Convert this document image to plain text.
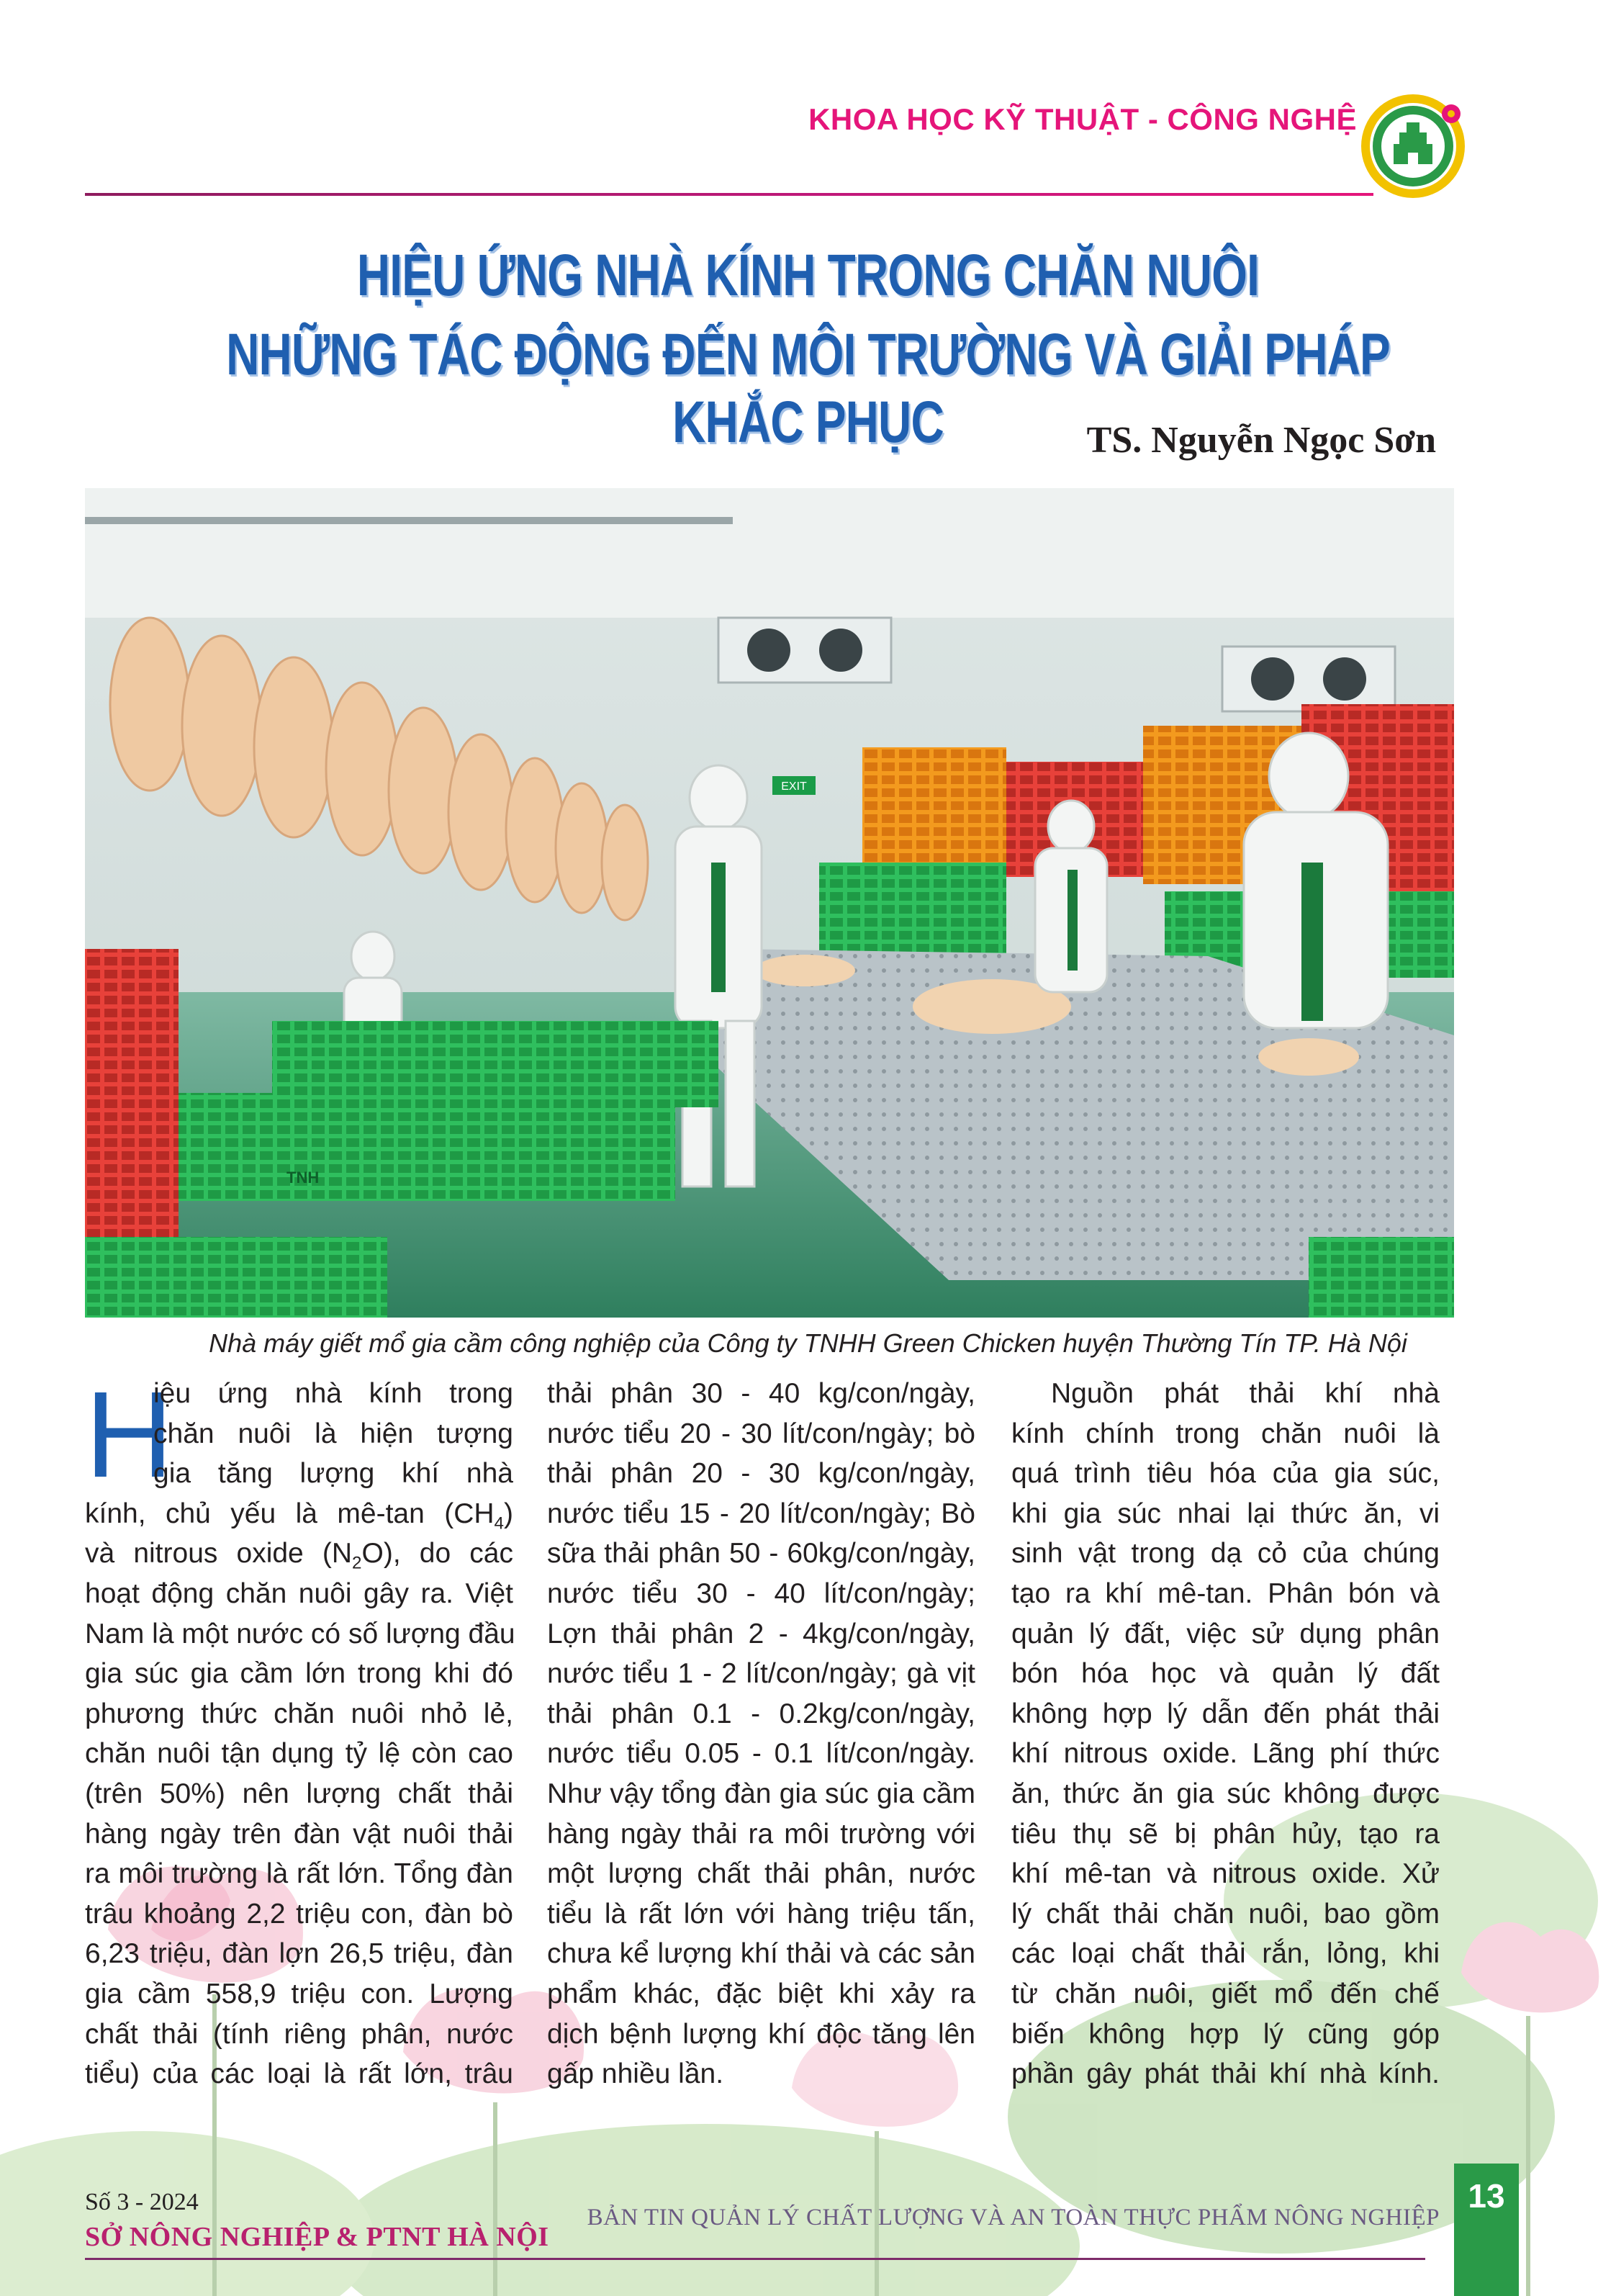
KHOA HỌC KỸ THUẬT - CÔNG NGHỆ
HIỆU ỨNG NHÀ KÍNH TRONG CHĂN NUÔI
NHỮNG TÁC ĐỘNG ĐẾN MÔI TRƯỜNG VÀ GIẢI PHÁP KHẮC PHỤC	TS. Nguyễn Ngọc Sơn
EXIT
TNH
Nhà máy giết mổ gia cầm công nghiệp của Công ty TNHH Green Chicken huyện Thường Tín TP. Hà Nội
H
iệu ứng nhà kính trong
chăn nuôi là hiện tượng
gia tăng lượng khí nhà
kính, chủ yếu là mê-tan $(CH_4)$
và nitrous oxide $(N_2O)$, do các
hoạt động chăn nuôi gây ra. Việt
Nam là một nước có số lượng đầu
gia súc gia cầm lớn trong khi đó
phương thức chăn nuôi nhỏ lẻ,
chăn nuôi tận dụng tỷ lệ còn cao
(trên 50%) nên lượng chất thải
hàng ngày trên đàn vật nuôi thải
ra môi trường là rất lớn. Tổng đàn
trâu khoảng 2,2 triệu con, đàn bò
6,23 triệu, đàn lợn 26,5 triệu, đàn
gia cầm 558,9 triệu con. Lượng
chất thải (tính riêng phân, nước
tiểu) của các loại là rất lớn, trâu
thải phân 30 - 40 kg/con/ngày,
nước tiểu 20 - 30 lít/con/ngày; bò
thải phân 20 - 30 kg/con/ngày,
nước tiểu 15 - 20 lít/con/ngày; Bò
sữa thải phân 50 - 60kg/con/ngày,
nước tiểu 30 - 40 lít/con/ngày;
Lợn thải phân 2 - 4kg/con/ngày,
nước tiểu 1 - 2 lít/con/ngày; gà vịt
thải phân 0.1 - 0.2kg/con/ngày,
nước tiểu 0.05 - 0.1 lít/con/ngày.
Như vậy tổng đàn gia súc gia cầm
hàng ngày thải ra môi trường với
một lượng chất thải phân, nước
tiểu là rất lớn với hàng triệu tấn,
chưa kể lượng khí thải và các sản
phẩm khác, đặc biệt khi xảy ra
dịch bệnh lượng khí độc tăng lên
gấp nhiều lần.
Nguồn phát thải khí nhà
kính chính trong chăn nuôi là
quá trình tiêu hóa của gia súc,
khi gia súc nhai lại thức ăn, vi
sinh vật trong dạ cỏ của chúng
tạo ra khí mê-tan. Phân bón và
quản lý đất, việc sử dụng phân
bón hóa học và quản lý đất
không hợp lý dẫn đến phát thải
khí nitrous oxide. Lãng phí thức
ăn, thức ăn gia súc không được
tiêu thụ sẽ bị phân hủy, tạo ra
khí mê-tan và nitrous oxide. Xử
lý chất thải chăn nuôi, bao gồm
các loại chất thải rắn, lỏng, khi
từ chăn nuôi, giết mổ đến chế
biến không hợp lý cũng góp
phần gây phát thải khí nhà kính.
Số 3 - 2024
SỞ NÔNG NGHIỆP & PTNT HÀ NỘI
BẢN TIN QUẢN LÝ CHẤT LƯỢNG VÀ AN TOÀN THỰC PHẨM NÔNG NGHIỆP
13
